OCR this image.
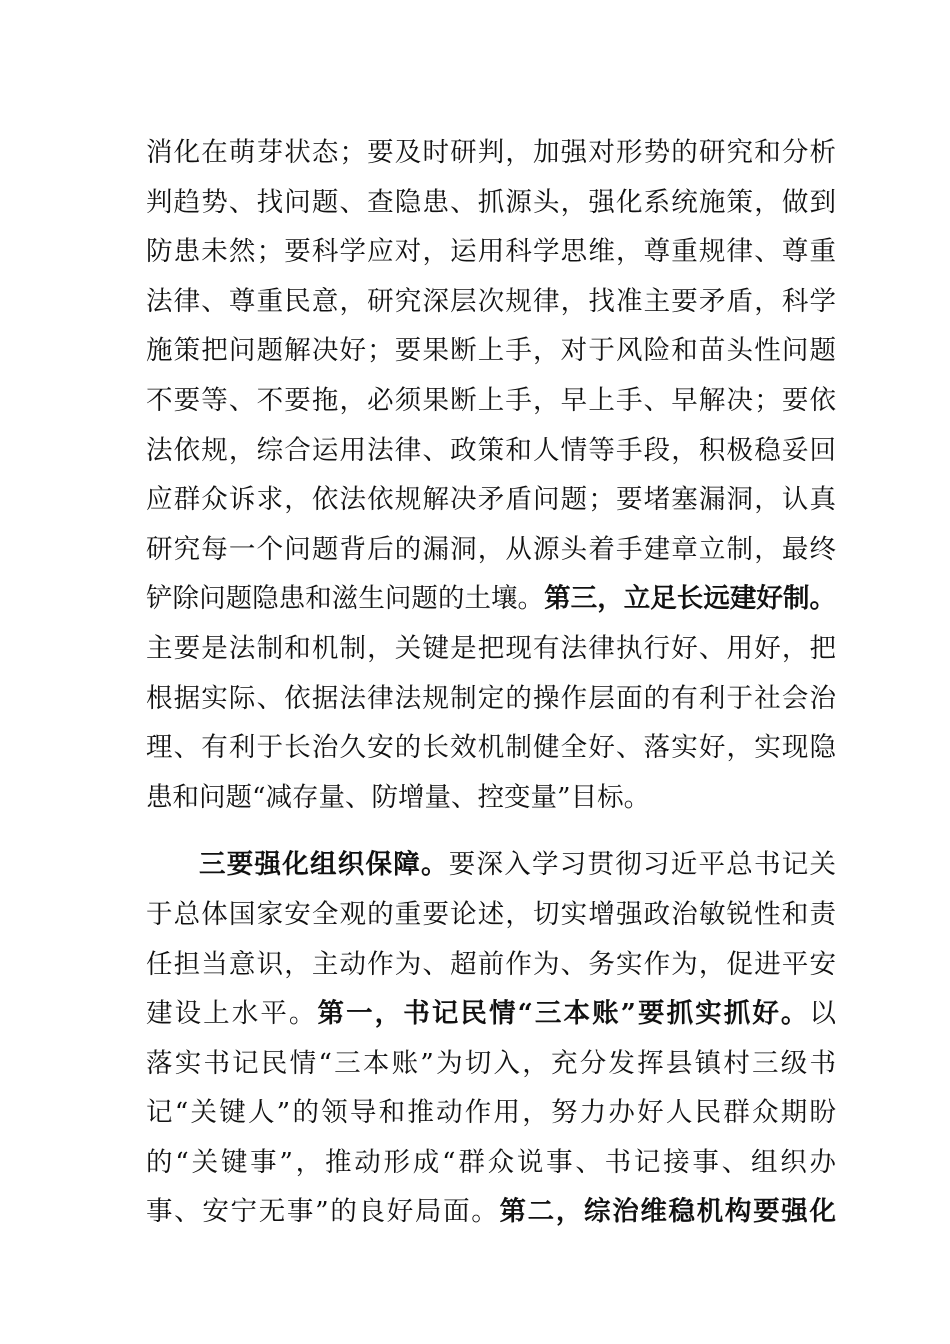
消化在萌芽状态；要及时研判，加强对形势的研究和分析
判趋势、找问题、查隐患、抓源头，强化系统施策，做到
防患未然；要科学应对，运用科学思维，尊重规律、尊重
法律、尊重民意，研究深层次规律，找准主要矛盾，科学
施策把问题解决好；要果断上手，对于风险和苗头性问题
不要等、不要拖，必须果断上手，早上手、早解决；要依
法依规，综合运用法律、政策和人情等手段，积极稳妥回
应群众诉求，依法依规解决矛盾问题；要堵塞漏洞，认真
研究每一个问题背后的漏洞，从源头着手建章立制，最终
铲除问题隐患和滋生问题的土壤。第三，立足长远建好制。
主要是法制和机制，关键是把现有法律执行好、用好，把
根据实际、依据法律法规制定的操作层面的有利于社会治
理、有利于长治久安的长效机制健全好、落实好，实现隐
患和问题“减存量、防增量、控变量”目标。
三要强化组织保障。要深入学习贯彻习近平总书记关
于总体国家安全观的重要论述，切实增强政治敏锐性和责
任担当意识，主动作为、超前作为、务实作为，促进平安
建设上水平。第一，书记民情“三本账”要抓实抓好。以
落实书记民情“三本账”为切入，充分发挥县镇村三级书
记“关键人”的领导和推动作用，努力办好人民群众期盼
的“关键事”，推动形成“群众说事、书记接事、组织办
事、安宁无事”的良好局面。第二，综治维稳机构要强化
